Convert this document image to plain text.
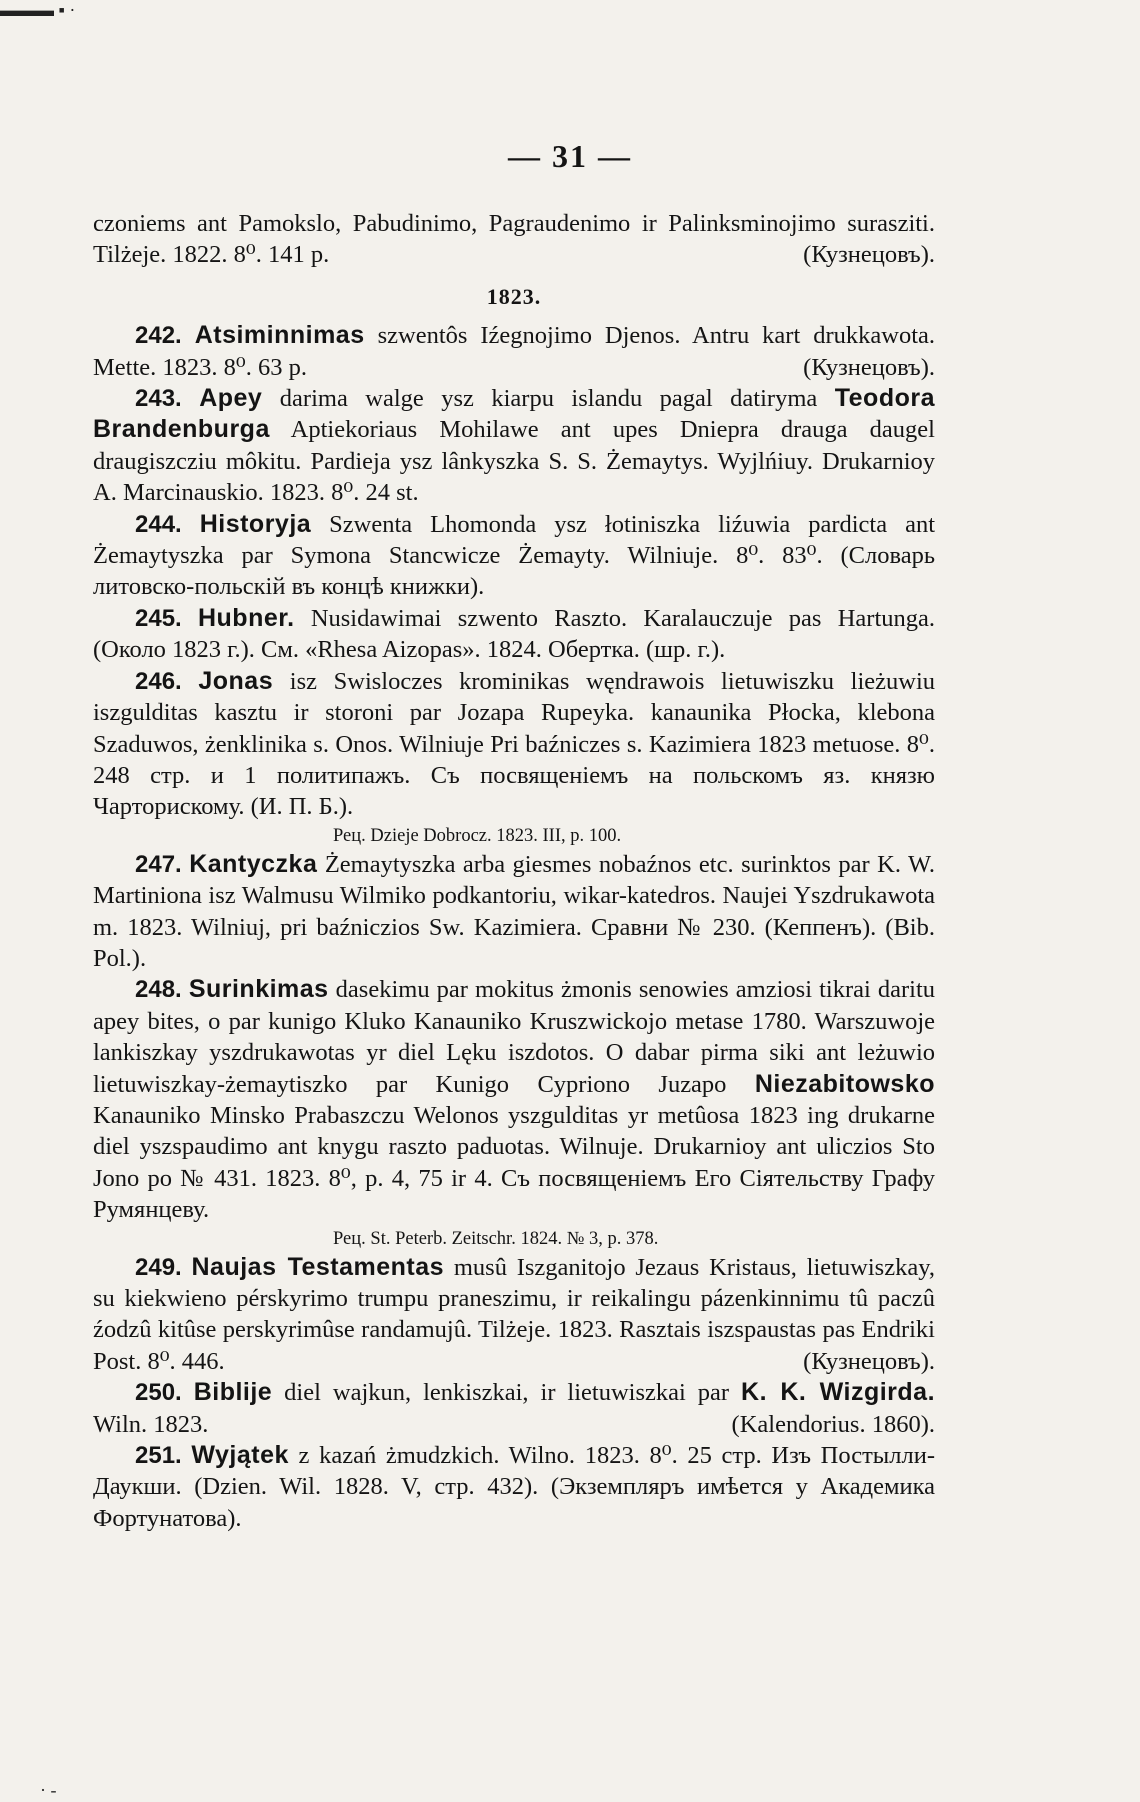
▬▬▬ ▪ ·
— 31 —

czoniems ant Pamokslo, Pabudinimo, Pagraudenimo ir Palinksminojimo surasziti. Tilżeje. 1822. 8⁰. 141 p.	(Кузнецовъ).

1823.

242. Atsiminnimas szwentôs Iźegnojimo Djenos. Antru kart drukkawota. Mette. 1823. 8⁰. 63 p.	(Кузнецовъ).

243. Apey darima walge ysz kiarpu islandu pagal datiryma Teodora Brandenburga Aptiekoriaus Mohilawe ant upes Dniepra drauga daugel draugiszcziu môkitu. Pardieja ysz lânkyszka S. S. Żemaytys. Wyjlńiuy. Drukarnioy A. Marcinauskio. 1823. 8⁰. 24 st.

244. Historyja Szwenta Lhomonda ysz łotiniszka liźuwia pardicta ant Żemaytyszka par Symona Stancwicze Żemayty. Wilniuje. 8⁰. 83⁰. (Словарь литовско-польскій въ концѣ книжки).

245. Hubner. Nusidawimai szwento Raszto. Karalauczuje pas Hartunga. (Около 1823 г.). См. «Rhesa Aizopas». 1824. Обертка. (шр. г.).

246. Jonas isz Swisloczes krominikas węndrawois lietuwiszku lieżuwiu iszgulditas kasztu ir storoni par Jozapa Rupeyka. kanaunika Płocka, klebona Szaduwos, żenklinika s. Onos. Wilniuje Pri baźniczes s. Kazimiera 1823 metuose. 8⁰. 248 стр. и 1 политипажъ. Съ посвященіемъ на польскомъ яз. князю Чарторискому. (И. П. Б.).

Рец. Dzieje Dobrocz. 1823. III, p. 100.

247. Kantyczka Żemaytyszka arba giesmes nobaźnos etc. surinktos par K. W. Martiniona isz Walmusu Wilmiko podkantoriu, wikar-katedros. Naujei Yszdrukawota m. 1823. Wilniuj, pri baźniczios Sw. Kazimiera. Сравни № 230. (Кеппенъ). (Bib. Pol.).

248. Surinkimas dasekimu par mokitus żmonis senowies amziosi tikrai daritu apey bites, o par kunigo Kluko Kanauniko Kruszwickojo metase 1780. Warszuwoje lankiszkay yszdrukawotas yr diel Lęku iszdotos. O dabar pirma siki ant leżuwio lietuwiszkay-żemaytiszko par Kunigo Cypriono Juzapo Niezabitowsko Kanauniko Minsko Prabaszczu Welonos yszgulditas yr metûosa 1823 ing drukarne diel yszspaudimo ant knygu raszto paduotas. Wilnuje. Drukarnioy ant uliczios Sto Jono po № 431. 1823. 8⁰, p. 4, 75 ir 4. Съ посвященіемъ Его Сіятельству Графу Румянцеву.

Рец. St. Peterb. Zeitschr. 1824. № 3, p. 378.

249. Naujas Testamentas musû Iszganitojo Jezaus Kristaus, lietuwiszkay, su kiekwieno pérskyrimo trumpu praneszimu, ir reikalingu pázenkinnimu tû paczû źodzû kitûse perskyrimûse randamujû. Tilżeje. 1823. Rasztais iszspaustas pas Endriki Post. 8⁰. 446.	(Кузнецовъ).

250. Biblije diel wajkun, lenkiszkai, ir lietuwiszkai par K. K. Wizgirda. Wiln. 1823.	(Kalendorius. 1860).

251. Wyjątek z kazań żmudzkich. Wilno. 1823. 8⁰. 25 стр. Изъ Постылли-Даукши. (Dzien. Wil. 1828. V, стр. 432). (Экземпляръ имѣется у Академика Фортунатова).

· -
